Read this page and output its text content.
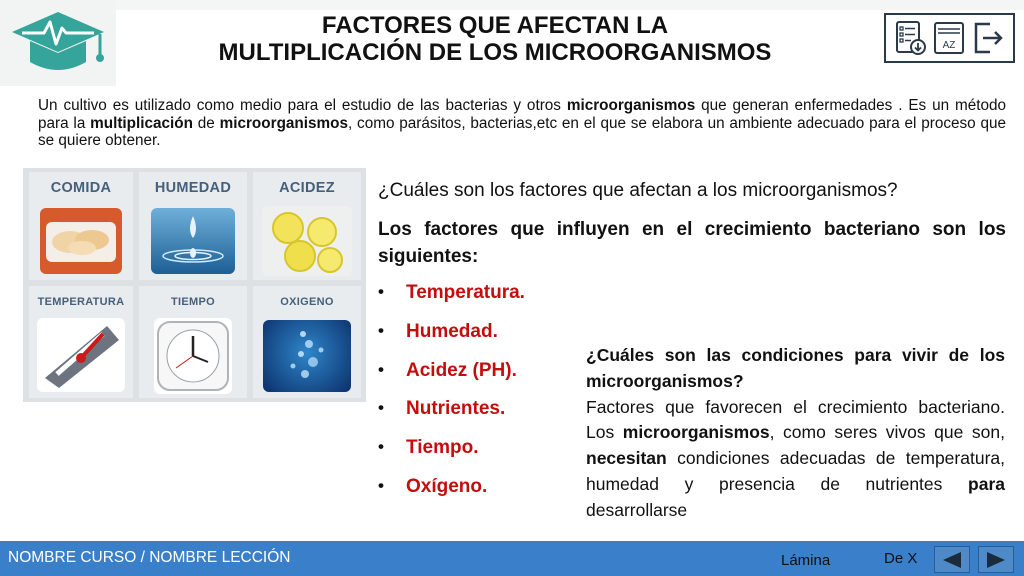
FACTORES QUE AFECTAN LA
MULTIPLICACIÓN DE LOS MICROORGANISMOS	AZ

Un cultivo es utilizado como medio para el estudio de las bacterias y otros microorganismos que generan enfermedades . Es un método para la multiplicación de microorganismos, como parásitos, bacterias,etc en el que se elabora un ambiente adecuado para el proceso que se quiere obtener.

COMIDA	HUMEDAD	ACIDEZ
TEMPERATURA	TIEMPO	OXIGENO
¿Cuáles son los factores que afectan a los microorganismos?
Los factores que influyen en el crecimiento bacteriano son los siguientes:
•	Temperatura.
•	Humedad.
•	Acidez (PH).
•	Nutrientes.
•	Tiempo.
•	Oxígeno.
¿Cuáles son las condiciones para vivir de los microorganismos?
Factores que favorecen el crecimiento bacteriano. Los microorganismos, como seres vivos que son, necesitan condiciones adecuadas de temperatura, humedad y presencia de nutrientes para desarrollarse
NOMBRE CURSO / NOMBRE LECCIÓN	Lámina	De X
